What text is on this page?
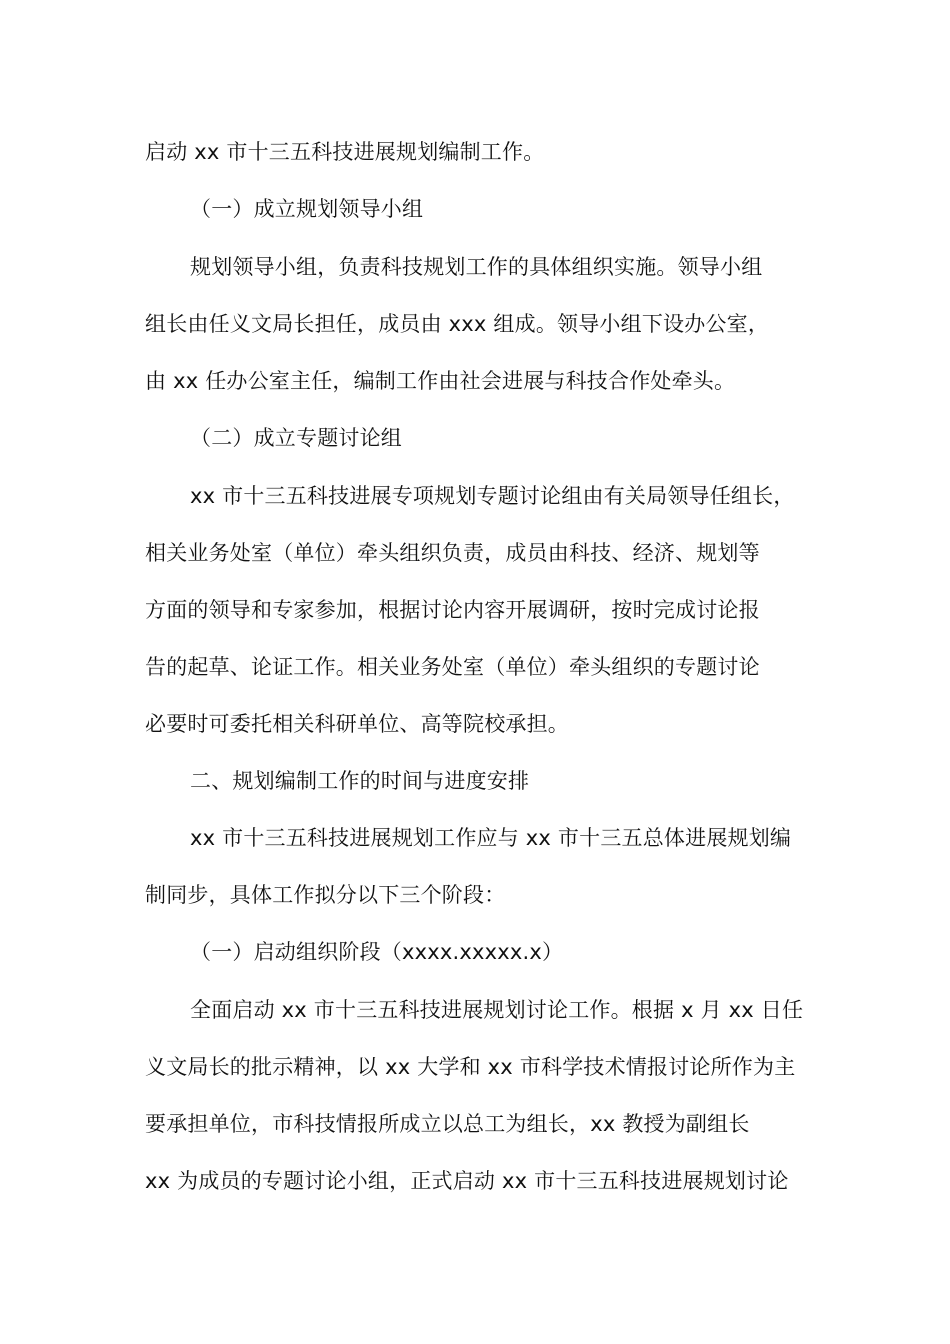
启动 xx 市十三五科技进展规划编制工作。
（一）成立规划领导小组
规划领导小组，负责科技规划工作的具体组织实施。领导小组
组长由任义文局长担任，成员由 xxx 组成。领导小组下设办公室，
由 xx 任办公室主任，编制工作由社会进展与科技合作处牵头。
（二）成立专题讨论组
xx 市十三五科技进展专项规划专题讨论组由有关局领导任组长，
相关业务处室（单位）牵头组织负责，成员由科技、经济、规划等
方面的领导和专家参加，根据讨论内容开展调研，按时完成讨论报
告的起草、论证工作。相关业务处室（单位）牵头组织的专题讨论
必要时可委托相关科研单位、高等院校承担。
二、规划编制工作的时间与进度安排
xx 市十三五科技进展规划工作应与 xx 市十三五总体进展规划编
制同步，具体工作拟分以下三个阶段：
（一）启动组织阶段（xxxx.xxxxx.x）
全面启动 xx 市十三五科技进展规划讨论工作。根据 x 月 xx 日任
义文局长的批示精神，以 xx 大学和 xx 市科学技术情报讨论所作为主
要承担单位，市科技情报所成立以总工为组长，xx 教授为副组长
xx 为成员的专题讨论小组，正式启动 xx 市十三五科技进展规划讨论
